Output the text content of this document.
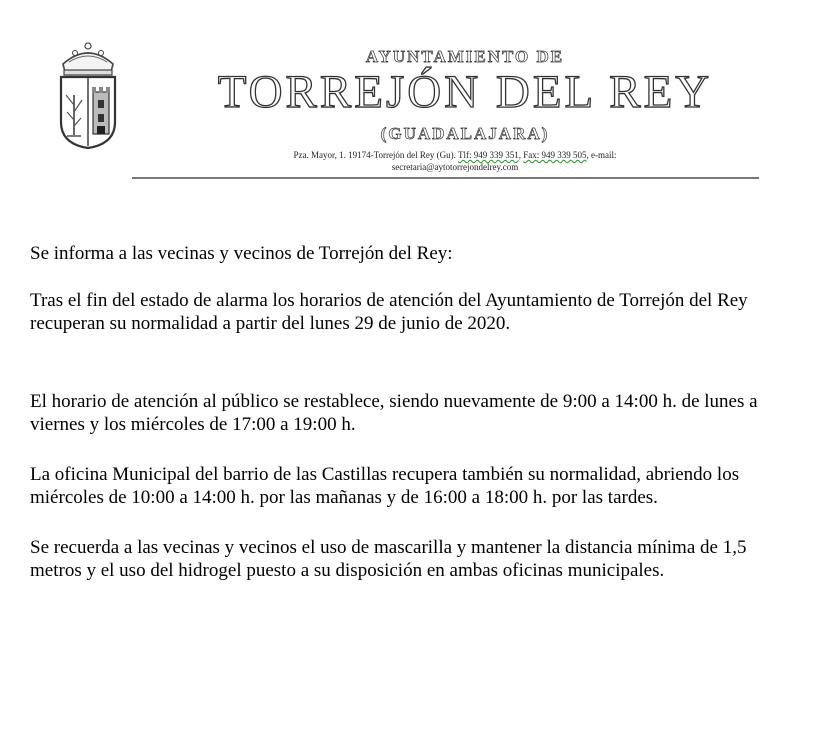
AYUNTAMIENTO DE
TORREJÓN DEL REY
(GUADALAJARA)
Pza. Mayor, 1. 19174-Torrejón del Rey (Gu). Tlf: 949 339 351, Fax: 949 339 505, e-mail:
secretaria@aytotorrejondelrey.com

Se informa a las vecinas y vecinos de Torrejón del Rey:

Tras el fin del estado de alarma los horarios de atención del Ayuntamiento de Torrejón del Rey recuperan su normalidad a partir del lunes 29 de junio de 2020.

El horario de atención al público se restablece, siendo nuevamente de 9:00 a 14:00 h. de lunes a viernes y los miércoles de 17:00 a 19:00 h.

La oficina Municipal del barrio de las Castillas recupera también su normalidad, abriendo los miércoles de 10:00 a 14:00 h. por las mañanas y de 16:00 a 18:00 h. por las tardes.

Se recuerda a las vecinas y vecinos el uso de mascarilla y mantener la distancia mínima de 1,5 metros y el uso del hidrogel puesto a su disposición en ambas oficinas municipales.
